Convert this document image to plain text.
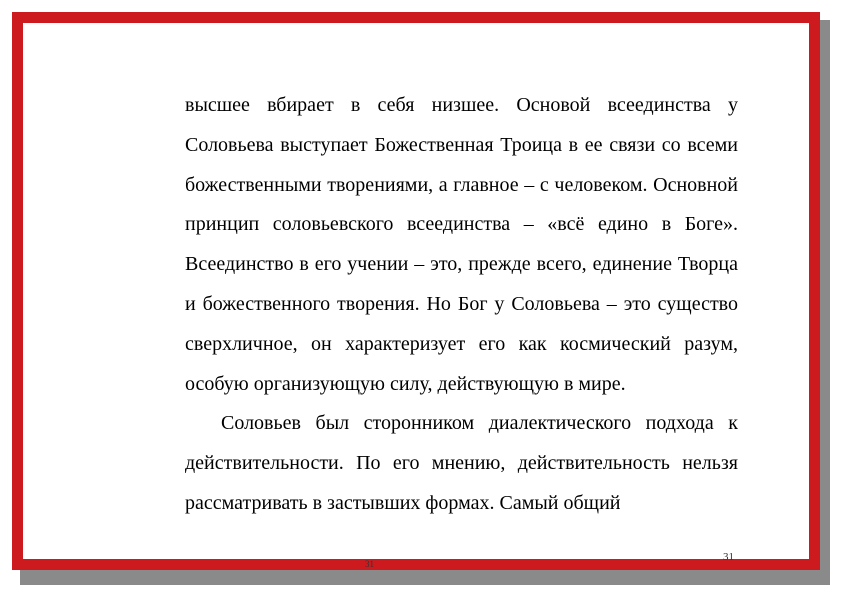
высшее вбирает в себя низшее. Основой всеединства у Соловьева выступает Божественная Троица в ее связи со всеми божественными творениями, а главное – с человеком. Основной принцип соловьевского всеединства – «всё едино в Боге». Всеединство в его учении – это, прежде всего, единение Творца и божественного творения. Но Бог у Соловьева – это существо сверхличное, он характеризует его как космический разум, особую организующую силу, действующую в мире.

Соловьев был сторонником диалектического подхода к действительности. По его мнению, действительность нельзя рассматривать в застывших формах. Самый общий

31
31
